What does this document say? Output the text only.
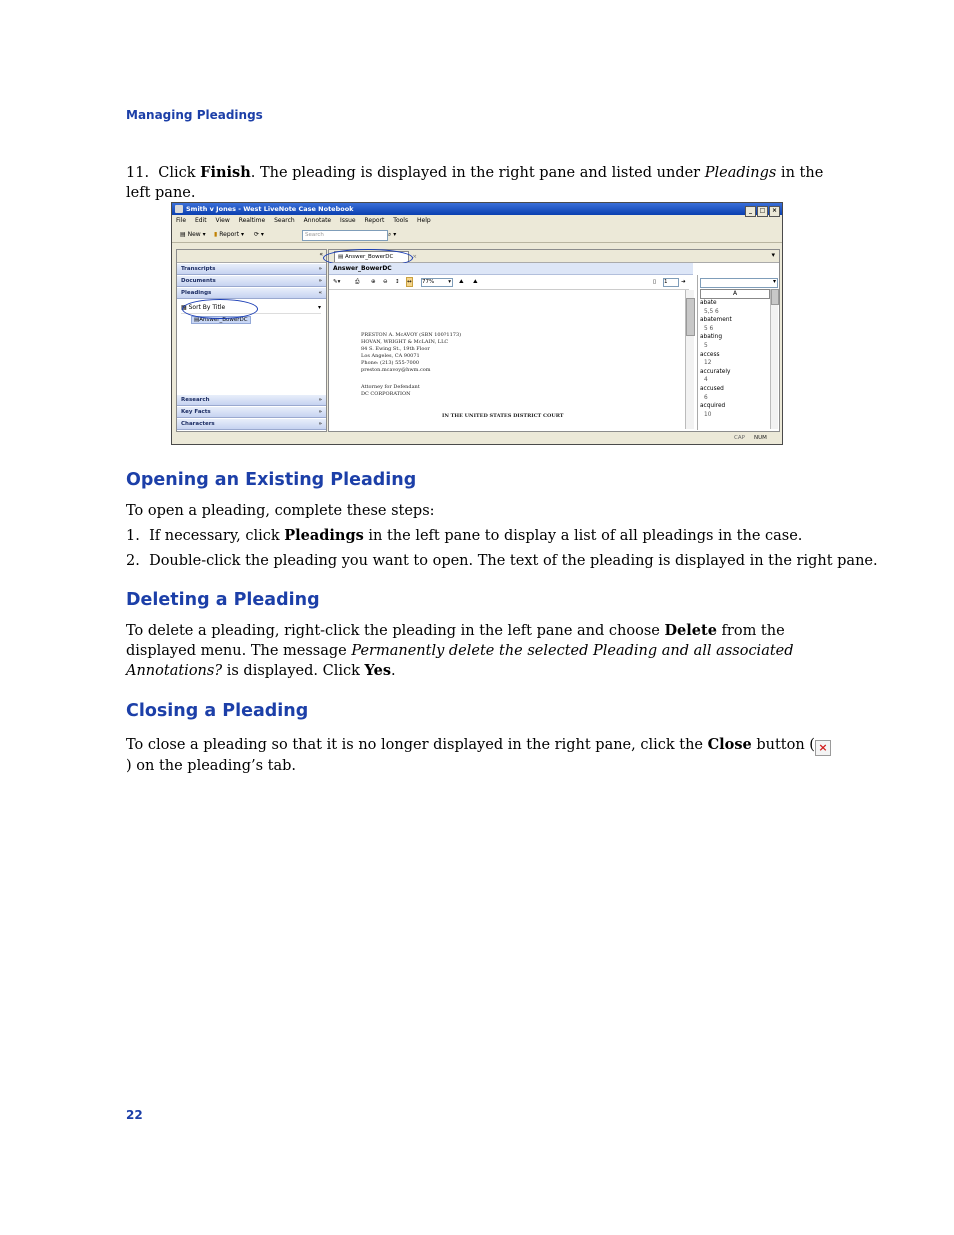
Managing Pleadings
11. Click Finish. The pleading is displayed in the right pane and listed under Pleadings in the left pane.
Smith v Jones - West LiveNote Case Notebook	_ □ ×
File Edit View Realtime Search Annotate Issue Report Tools Help
▤ New ▾ ▮ Report ▾ ⟳ ▾	Search	⌕ ▾
«
Transcripts	»
Documents	»
Pleadings	«
▦ Sort By Title	▾
▤Answer_BowerDC
Research	»
Key Facts	»
Characters	»
▤ Answer_BowerDC	×	▾
Answer_BowerDC
✎▾	⎙ ⊕ ⊖ ↕ ↔ 77%	▾ ⛰ ⛰	▯ 1	➜
PRESTON A. McAVOY (SBN 100?1173)
HOVAN, WRIGHT & McLAIN, LLC
84 S. Ewing St., 19th Floor
Los Angeles, CA 90071
Phone: (213) 555-7000
preston.mcavoy@hwm.com
Attorney for Defendant
DC CORPORATION
IN THE UNITED STATES DISTRICT COURT
▾
A
abate
5,5 6
abatement
5 6
abating
5
access
12
accurately
4
accused
6
acquired
10
CAP NUM
Opening an Existing Pleading
To open a pleading, complete these steps:
1. If necessary, click Pleadings in the left pane to display a list of all pleadings in the case.
2. Double-click the pleading you want to open. The text of the pleading is displayed in the right pane.
Deleting a Pleading
To delete a pleading, right-click the pleading in the left pane and choose Delete from the displayed menu. The message Permanently delete the selected Pleading and all associated Annotations? is displayed. Click Yes.
Closing a Pleading
To close a pleading so that it is no longer displayed in the right pane, click the Close button ( ×) on the pleading’s tab.
22
